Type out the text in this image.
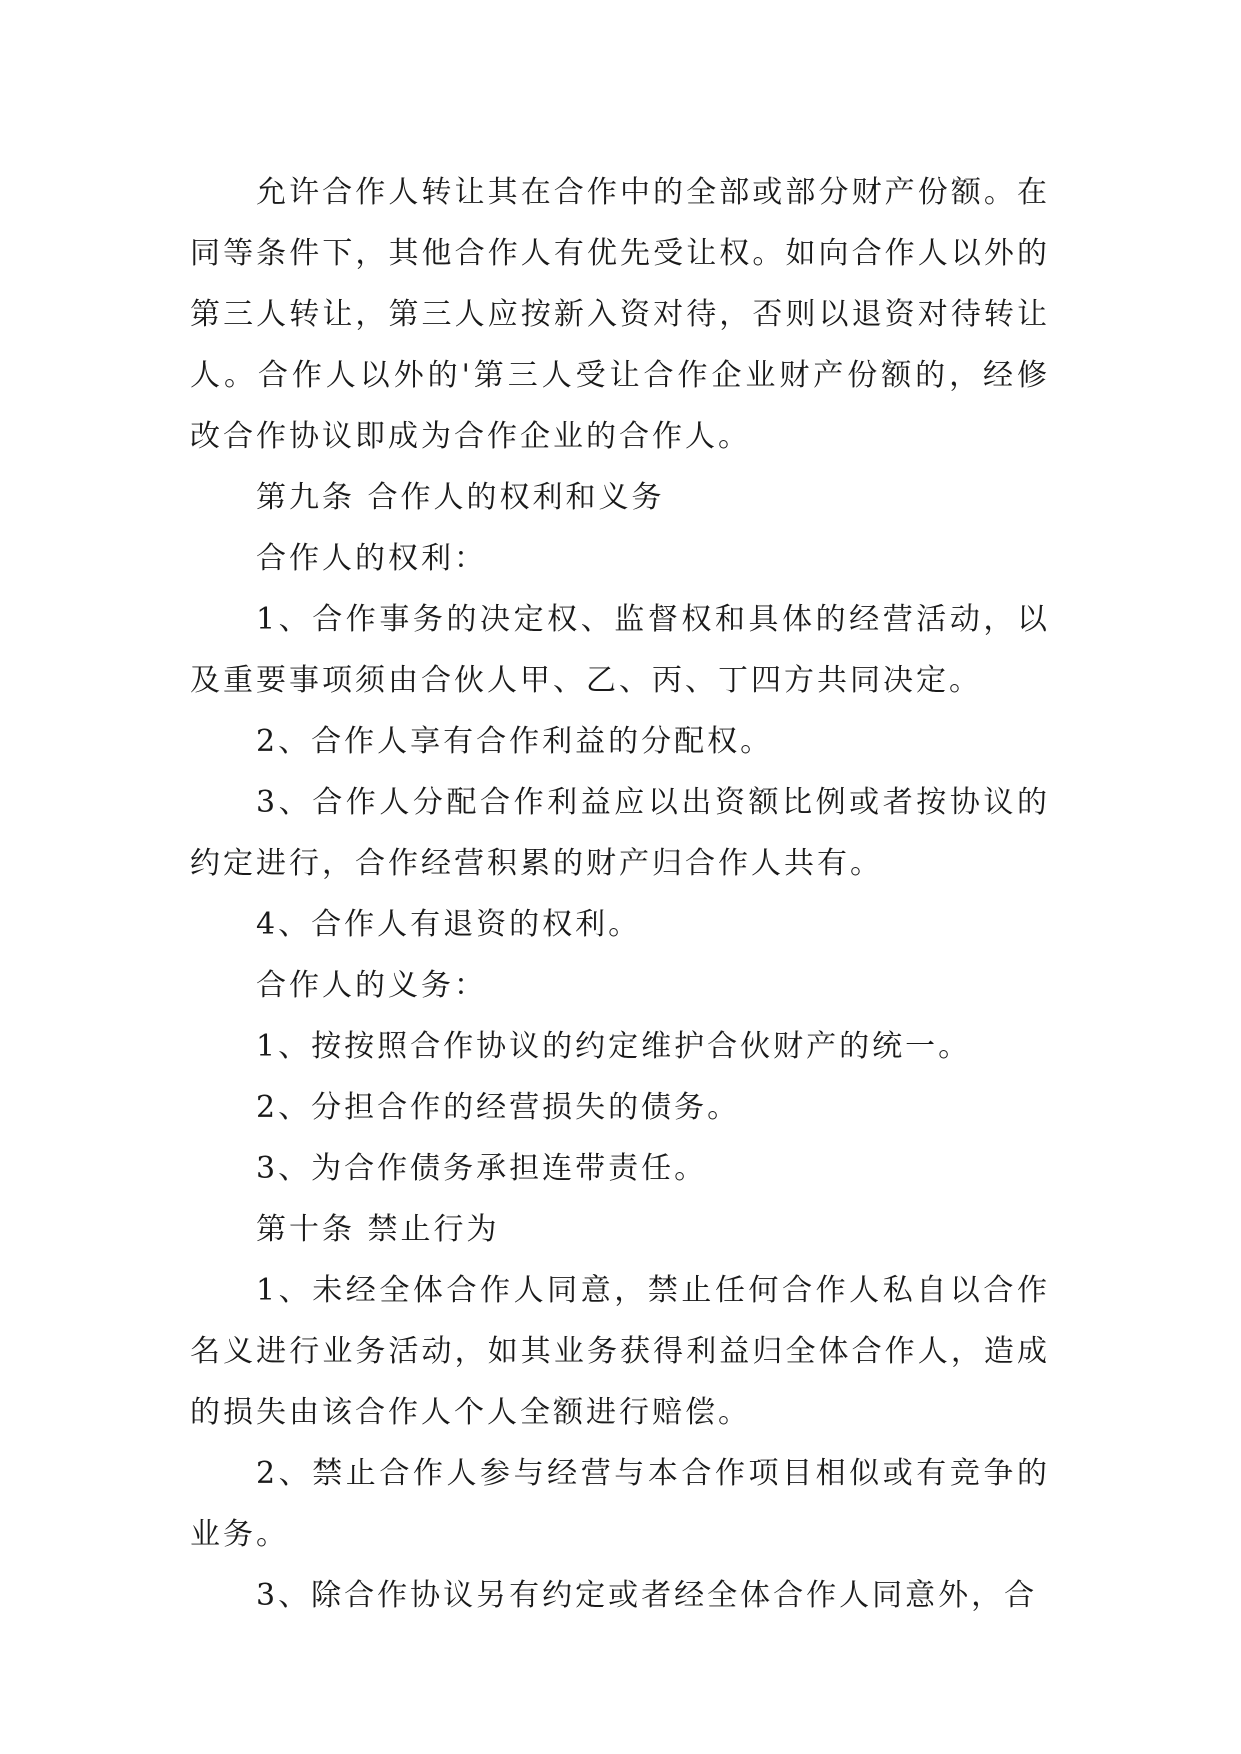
允许合作人转让其在合作中的全部或部分财产份额。在同等条件下，其他合作人有优先受让权。如向合作人以外的第三人转让，第三人应按新入资对待，否则以退资对待转让人。合作人以外的'第三人受让合作企业财产份额的，经修改合作协议即成为合作企业的合作人。

第九条 合作人的权利和义务

合作人的权利：

1、合作事务的决定权、监督权和具体的经营活动，以及重要事项须由合伙人甲、乙、丙、丁四方共同决定。

2、合作人享有合作利益的分配权。

3、合作人分配合作利益应以出资额比例或者按协议的约定进行，合作经营积累的财产归合作人共有。

4、合作人有退资的权利。

合作人的义务：

1、按按照合作协议的约定维护合伙财产的统一。

2、分担合作的经营损失的债务。

3、为合作债务承担连带责任。

第十条 禁止行为

1、未经全体合作人同意，禁止任何合作人私自以合作名义进行业务活动，如其业务获得利益归全体合作人，造成的损失由该合作人个人全额进行赔偿。

2、禁止合作人参与经营与本合作项目相似或有竞争的业务。

3、除合作协议另有约定或者经全体合作人同意外，合
